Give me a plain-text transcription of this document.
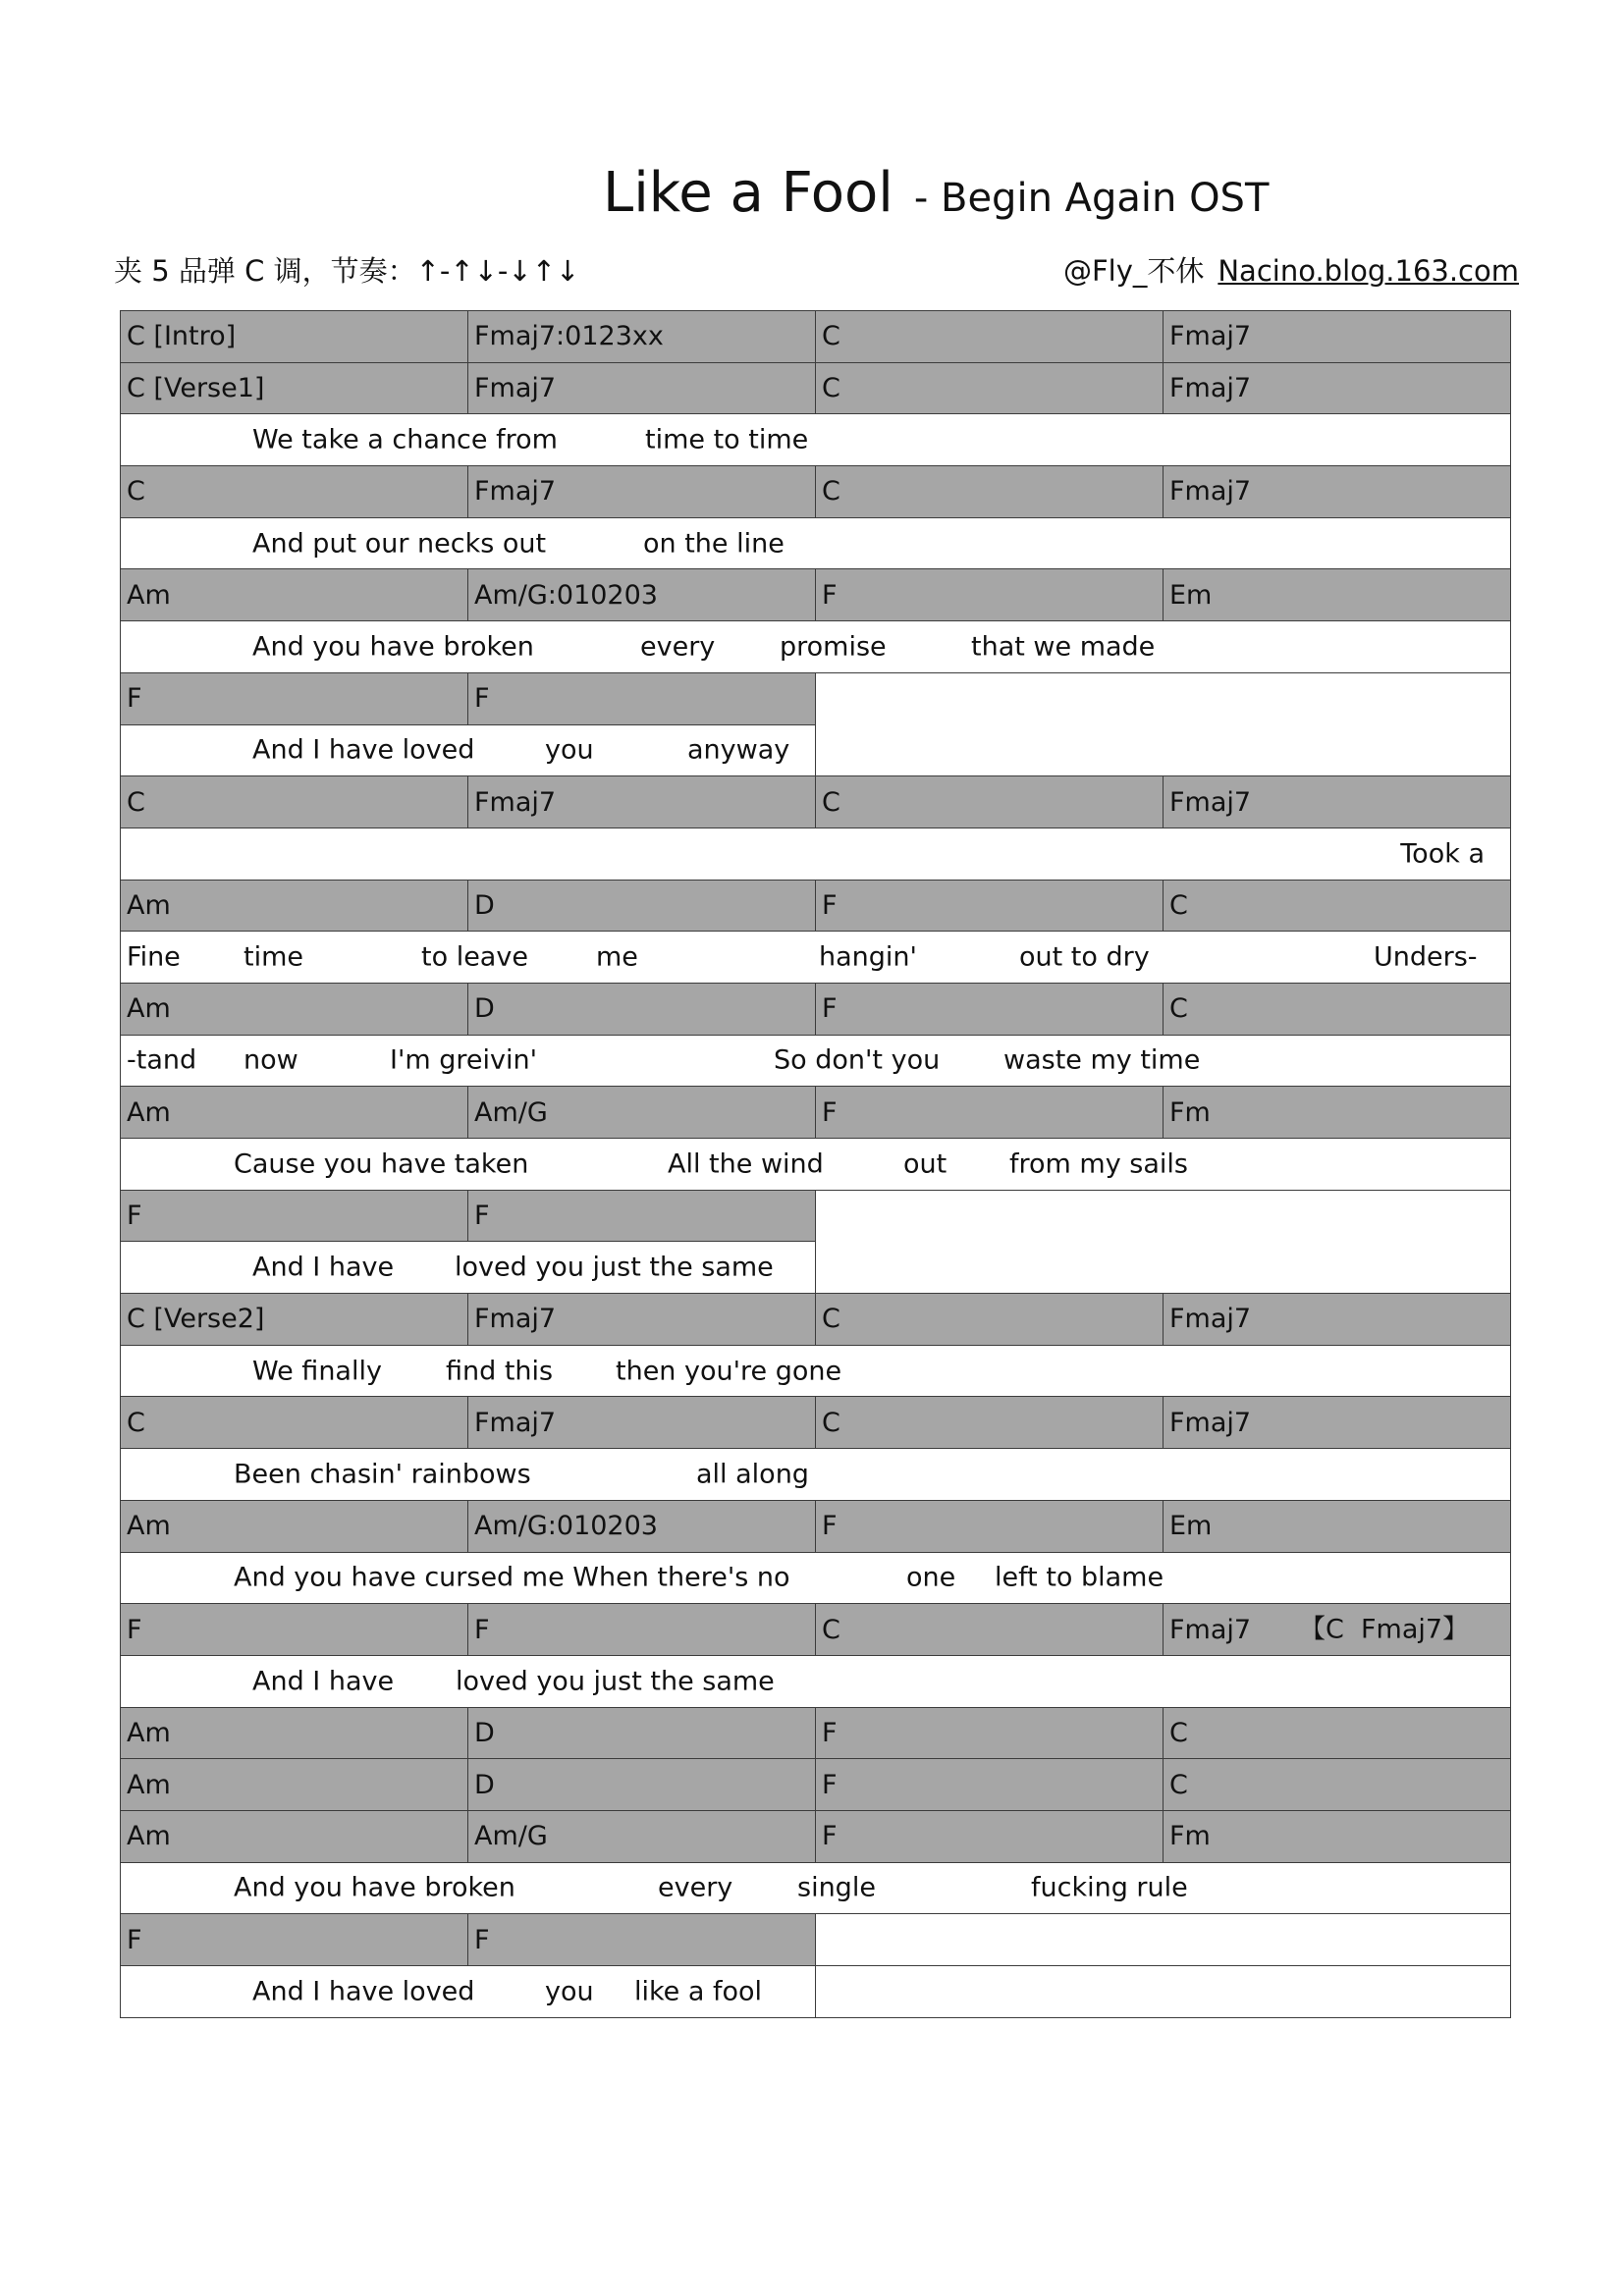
Like a Fool - Begin Again OST
夹 5 品弹 C 调，节奏：↑-↑↓-↓↑↓	@Fly_不休 Nacino.blog.163.com
C [Intro]	Fmaj7:0123xx	C	Fmaj7
C [Verse1]	Fmaj7	C	Fmaj7
We take a chance from	time to time
C	Fmaj7	C	Fmaj7
And put our necks out	on the line
Am	Am/G:010203	F	Em
And you have broken	every promise	that we made
F	F
And I have loved	you	anyway
C	Fmaj7	C	Fmaj7
Took a
Am	D	F	C
Fine time	to leave	me	hangin'	out to dry	Unders-
Am	D	F	C
-tand now	I'm greivin'	So don't you waste my time
Am	Am/G	F	Fm
Cause you have taken	All the wind	out from my sails
F	F
And I have loved you just the same
C [Verse2]	Fmaj7	C	Fmaj7
We finally find this then you're gone
C	Fmaj7	C	Fmaj7
Been chasin' rainbows	all along
Am	Am/G:010203	F	Em
And you have cursed me When there's no	one left to blame
F	F	C	Fmaj7 【C  Fmaj7】
And I have loved you just the same
Am	D	F	C
Am	D	F	C
Am	Am/G	F	Fm
And you have broken	every single	fucking rule
F	F
And I have loved	you like a fool
